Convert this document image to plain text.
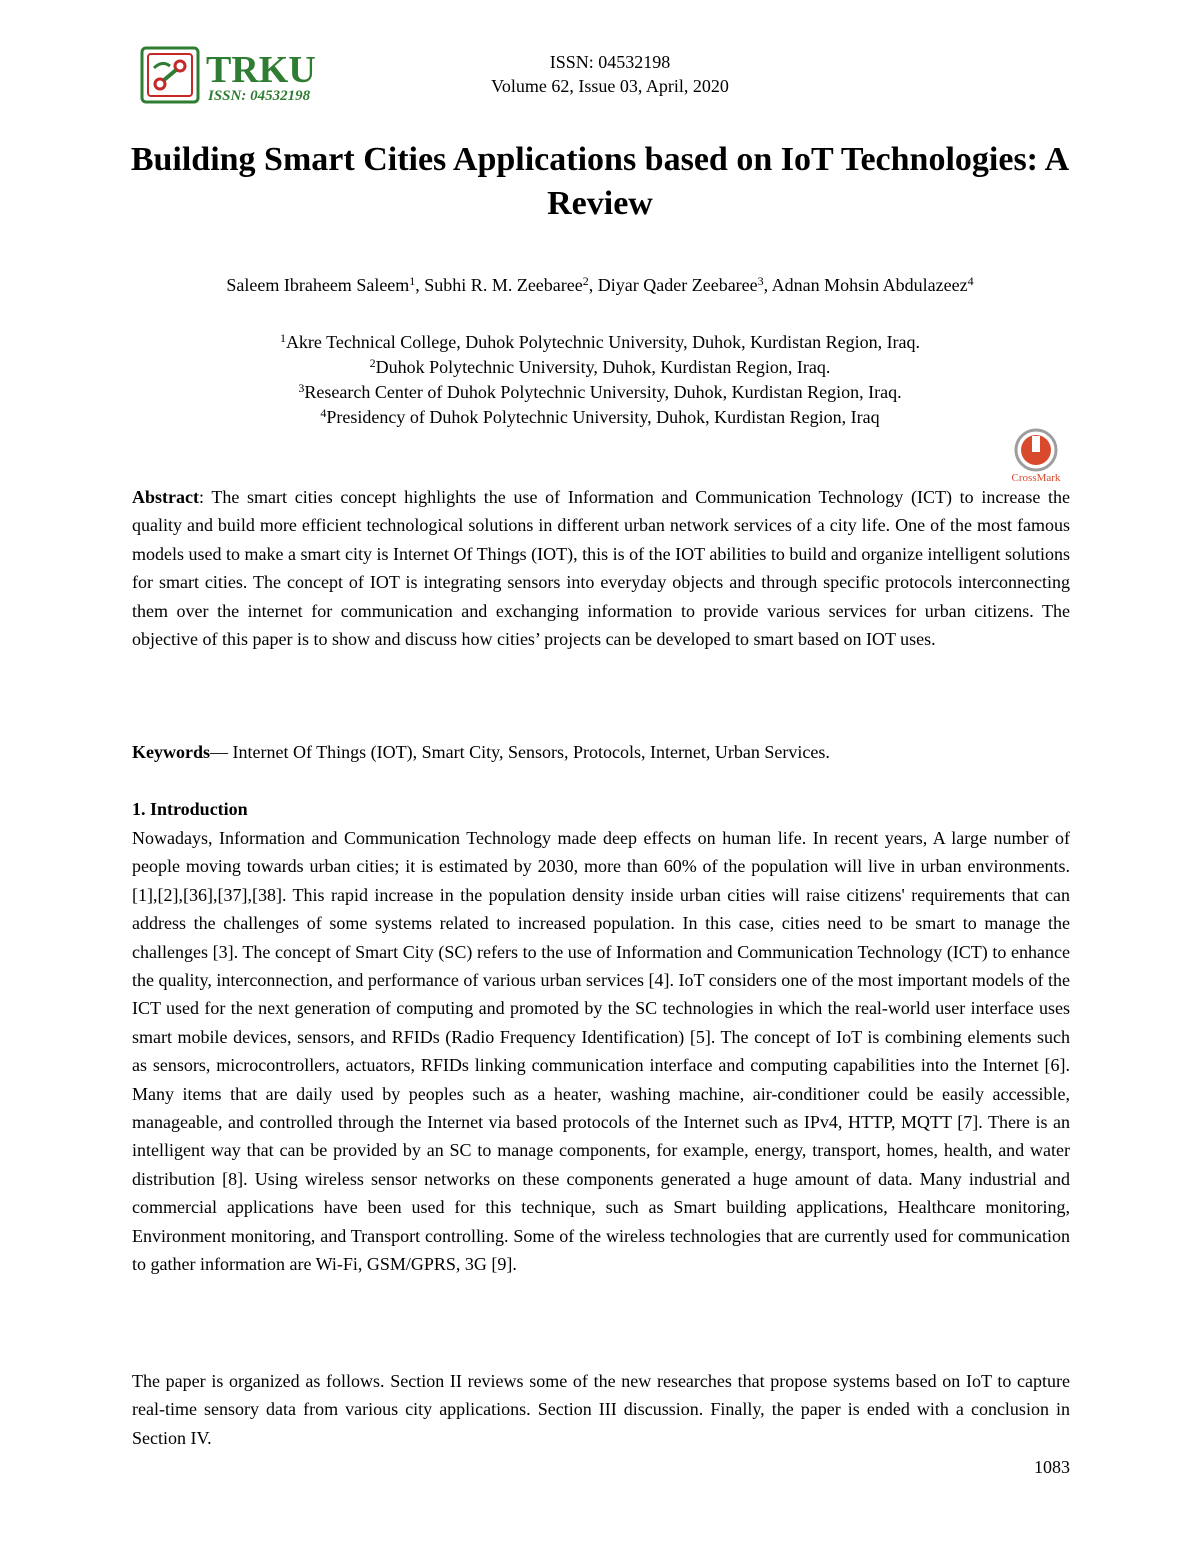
TRKU
ISSN: 04532198
ISSN: 04532198
Volume 62, Issue 03, April, 2020
Building Smart Cities Applications based on IoT Technologies: A Review
Saleem Ibraheem Saleem$^1$, Subhi R. M. Zeebaree$^2$, Diyar Qader Zeebaree$^3$, Adnan Mohsin Abdulazeez$^4$
$^1$Akre Technical College, Duhok Polytechnic University, Duhok, Kurdistan Region, Iraq.
$^2$Duhok Polytechnic University, Duhok, Kurdistan Region, Iraq.
$^3$Research Center of Duhok Polytechnic University, Duhok, Kurdistan Region, Iraq.
$^4$Presidency of Duhok Polytechnic University, Duhok, Kurdistan Region, Iraq
CrossMark

Abstract: The smart cities concept highlights the use of Information and Communication Technology (ICT) to increase the quality and build more efficient technological solutions in different urban network services of a city life. One of the most famous models used to make a smart city is Internet Of Things (IOT), this is of the IOT abilities to build and organize intelligent solutions for smart cities. The concept of IOT is integrating sensors into everyday objects and through specific protocols interconnecting them over the internet for communication and exchanging information to provide various services for urban citizens. The objective of this paper is to show and discuss how cities’ projects can be developed to smart based on IOT uses.

Keywords— Internet Of Things (IOT), Smart City, Sensors, Protocols, Internet, Urban Services.

1. Introduction

Nowadays, Information and Communication Technology made deep effects on human life. In recent years, A large number of people moving towards urban cities; it is estimated by 2030, more than 60% of the population will live in urban environments. [1],[2],[36],[37],[38]. This rapid increase in the population density inside urban cities will raise citizens' requirements that can address the challenges of some systems related to increased population. In this case, cities need to be smart to manage the challenges [3]. The concept of Smart City (SC) refers to the use of Information and Communication Technology (ICT) to enhance the quality, interconnection, and performance of various urban services [4]. IoT considers one of the most important models of the ICT used for the next generation of computing and promoted by the SC technologies in which the real-world user interface uses smart mobile devices, sensors, and RFIDs (Radio Frequency Identification) [5]. The concept of IoT is combining elements such as sensors, microcontrollers, actuators, RFIDs linking communication interface and computing capabilities into the Internet [6]. Many items that are daily used by peoples such as a heater, washing machine, air-conditioner could be easily accessible, manageable, and controlled through the Internet via based protocols of the Internet such as IPv4, HTTP, MQTT [7]. There is an intelligent way that can be provided by an SC to manage components, for example, energy, transport, homes, health, and water distribution [8]. Using wireless sensor networks on these components generated a huge amount of data. Many industrial and commercial applications have been used for this technique, such as Smart building applications, Healthcare monitoring, Environment monitoring, and Transport controlling. Some of the wireless technologies that are currently used for communication to gather information are Wi-Fi, GSM/GPRS, 3G [9].

The paper is organized as follows. Section II reviews some of the new researches that propose systems based on IoT to capture real-time sensory data from various city applications. Section III discussion. Finally, the paper is ended with a conclusion in Section IV.

1083
